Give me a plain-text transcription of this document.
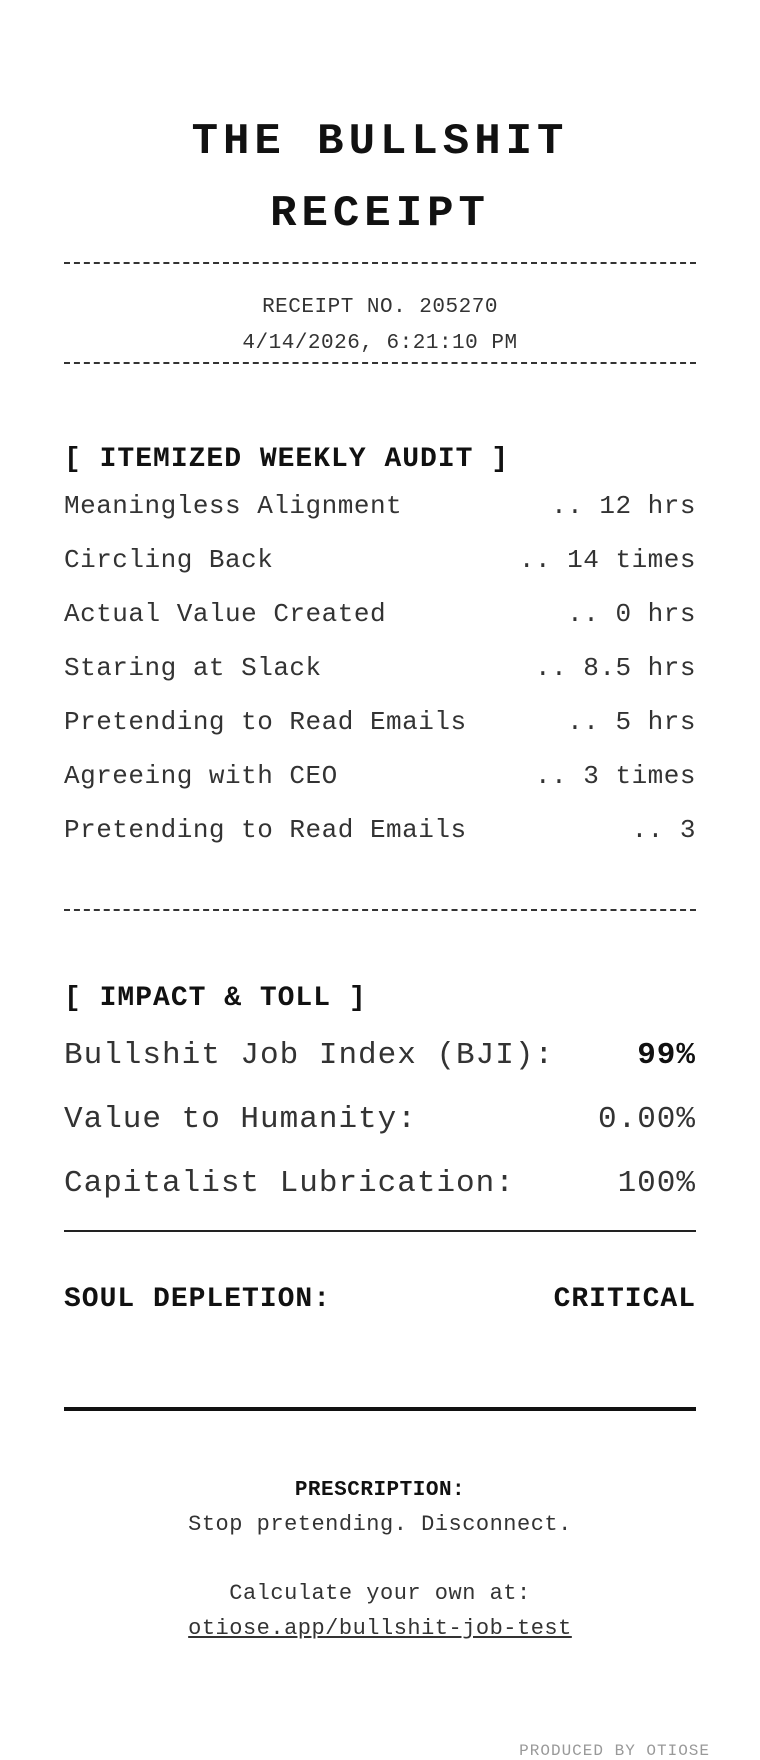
THE BULLSHIT
RECEIPT
RECEIPT NO. 205270
4/14/2026, 6:21:10 PM
[ ITEMIZED WEEKLY AUDIT ]
Meaningless Alignment	.. 12 hrs
Circling Back	.. 14 times
Actual Value Created	.. 0 hrs
Staring at Slack	.. 8.5 hrs
Pretending to Read Emails	.. 5 hrs
Agreeing with CEO	.. 3 times
Pretending to Read Emails	.. 3
[ IMPACT & TOLL ]
Bullshit Job Index (BJI):	99%
Value to Humanity:	0.00%
Capitalist Lubrication:	100%
SOUL DEPLETION:	CRITICAL
PRESCRIPTION:
Stop pretending. Disconnect.
Calculate your own at:
otiose.app/bullshit-job-test
PRODUCED BY OTIOSE
